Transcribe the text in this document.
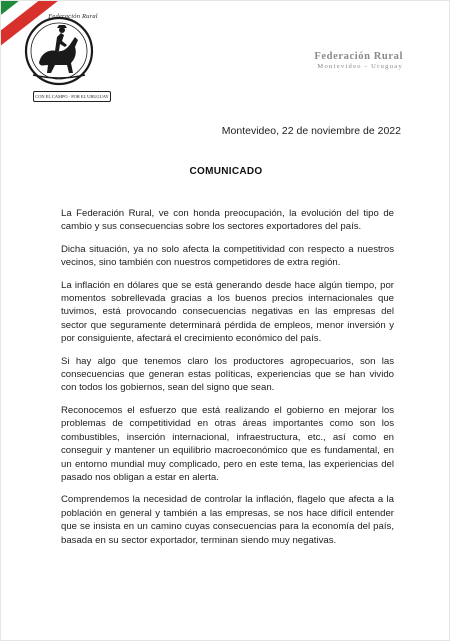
Federación Rural
CON EL CAMPO · POR EL URUGUAY
Federación Rural
Montevideo - Uruguay
Montevideo, 22 de noviembre de 2022
COMUNICADO

La Federación Rural, ve con honda preocupación, la evolución del tipo de cambio y sus consecuencias sobre los sectores exportadores del país.

Dicha situación, ya no solo afecta la competitividad con respecto a nuestros vecinos, sino también con nuestros competidores de extra región.

La inflación en dólares que se está generando desde hace algún tiempo, por momentos sobrellevada gracias a los buenos precios internacionales que tuvimos, está provocando consecuencias negativas en las empresas del sector que seguramente determinará pérdida de empleos, menor inversión y por consiguiente, afectará el crecimiento económico del país.

Si hay algo que tenemos claro los productores agropecuarios, son las consecuencias que generan estas políticas, experiencias que se han vivido con todos los gobiernos, sean del signo que sean.

Reconocemos el esfuerzo que está realizando el gobierno en mejorar los problemas de competitividad en otras áreas importantes como son los combustibles, inserción internacional, infraestructura, etc., así como en conseguir y mantener un equilibrio macroeconómico que es fundamental, en un entorno mundial muy complicado, pero en este tema, las experiencias del pasado nos obligan a estar en alerta.

Comprendemos la necesidad de controlar la inflación, flagelo que afecta a la población en general y también a las empresas, se nos hace difícil entender que se insista en un camino cuyas consecuencias para la economía del país, basada en su sector exportador, terminan siendo muy negativas.
